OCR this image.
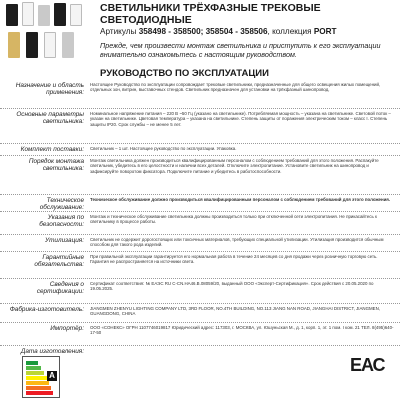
СВЕТИЛЬНИКИ ТРЁХФАЗНЫЕ ТРЕКОВЫЕ СВЕТОДИОДНЫЕ
Артикулы 358498 - 358500; 358504 - 358506, коллекция PORT
Прежде, чем произвести монтаж светильника и приступить к его эксплуатации внимательно ознакомьтесь с настоящим руководством.
РУКОВОДСТВО ПО ЭКСПЛУАТАЦИИ
Назначение и область применения:
Настоящее Руководство по эксплуатации сопровождает трековые светильники, предназначенные для общего освещения жилых помещений, отдельных зон, витрин, выставочных стендов. Светильник предназначен для установки на трёхфазный шинопровод.
Основные параметры светильника:
Номинальное напряжение питания – 220 В ~50 Гц (указано на светильнике). Потребляемая мощность – указана на светильнике. Световой поток – указан на светильнике. Цветовая температура – указана на светильнике. Степень защиты от поражения электрическим током – класс I. Степень защиты IP20. Срок службы – не менее 5 лет.
Комплект поставки: Светильник – 1 шт. Настоящее руководство по эксплуатации. Упаковка.
Порядок монтажа светильника:
Монтаж светильника должен производиться квалифицированным персоналом с соблюдением требований для этого положения. Распакуйте светильник, убедитесь в его целостности и наличии всех деталей. Отключите электропитание. Установите светильник на шинопровод и зафиксируйте поворотом фиксатора. Подключите питание и убедитесь в работоспособности.
Техническое обслуживание:
Техническое обслуживание должно производиться квалифицированным персоналом с соблюдением требований для этого положения.
Указания по безопасности:
Монтаж и техническое обслуживание светильника должны производиться только при отключенной сети электропитания. Не прикасайтесь к светильнику в процессе работы.
Утилизация: Светильник не содержит дорогостоящих или токсичных материалов, требующих специальной утилизации. Утилизация производится обычным способом для такого рода изделий.
Гарантийные обязательства:
При правильной эксплуатации гарантируется его нормальная работа в течение 24 месяцев со дня продажи через розничную торговую сеть. Гарантия не распространяется на источники света.
Сведения о сертификации:
Сертификат соответствия: № ЕАЭС RU C-CN.НА46.В.08059/20, выданный ООО «Эксперт-Сертификация». Срок действия с 20.05.2020 по 19.05.2025.
Фабрика-изготовитель: JIANGMEN ZHENYU LIGHTING COMPANY LTD, 3RD FLOOR, NO.4TH BUILDING, NO.113 JIANG NAN ROAD, JIANGHAI DISTRICT, JIANGMEN, GUANGDONG, CHINA
Импортёр: ООО «СОНЕКС» ОГРН 1107746019817 Юридический адрес: 117303, г. МОСКВА, ул. Юшуньская М., д. 1, корп. 1, эт. 1 пом. I ком. 21 ТЕЛ. 8(495)640-17-50
Дата изготовления:
A
ЕАС
